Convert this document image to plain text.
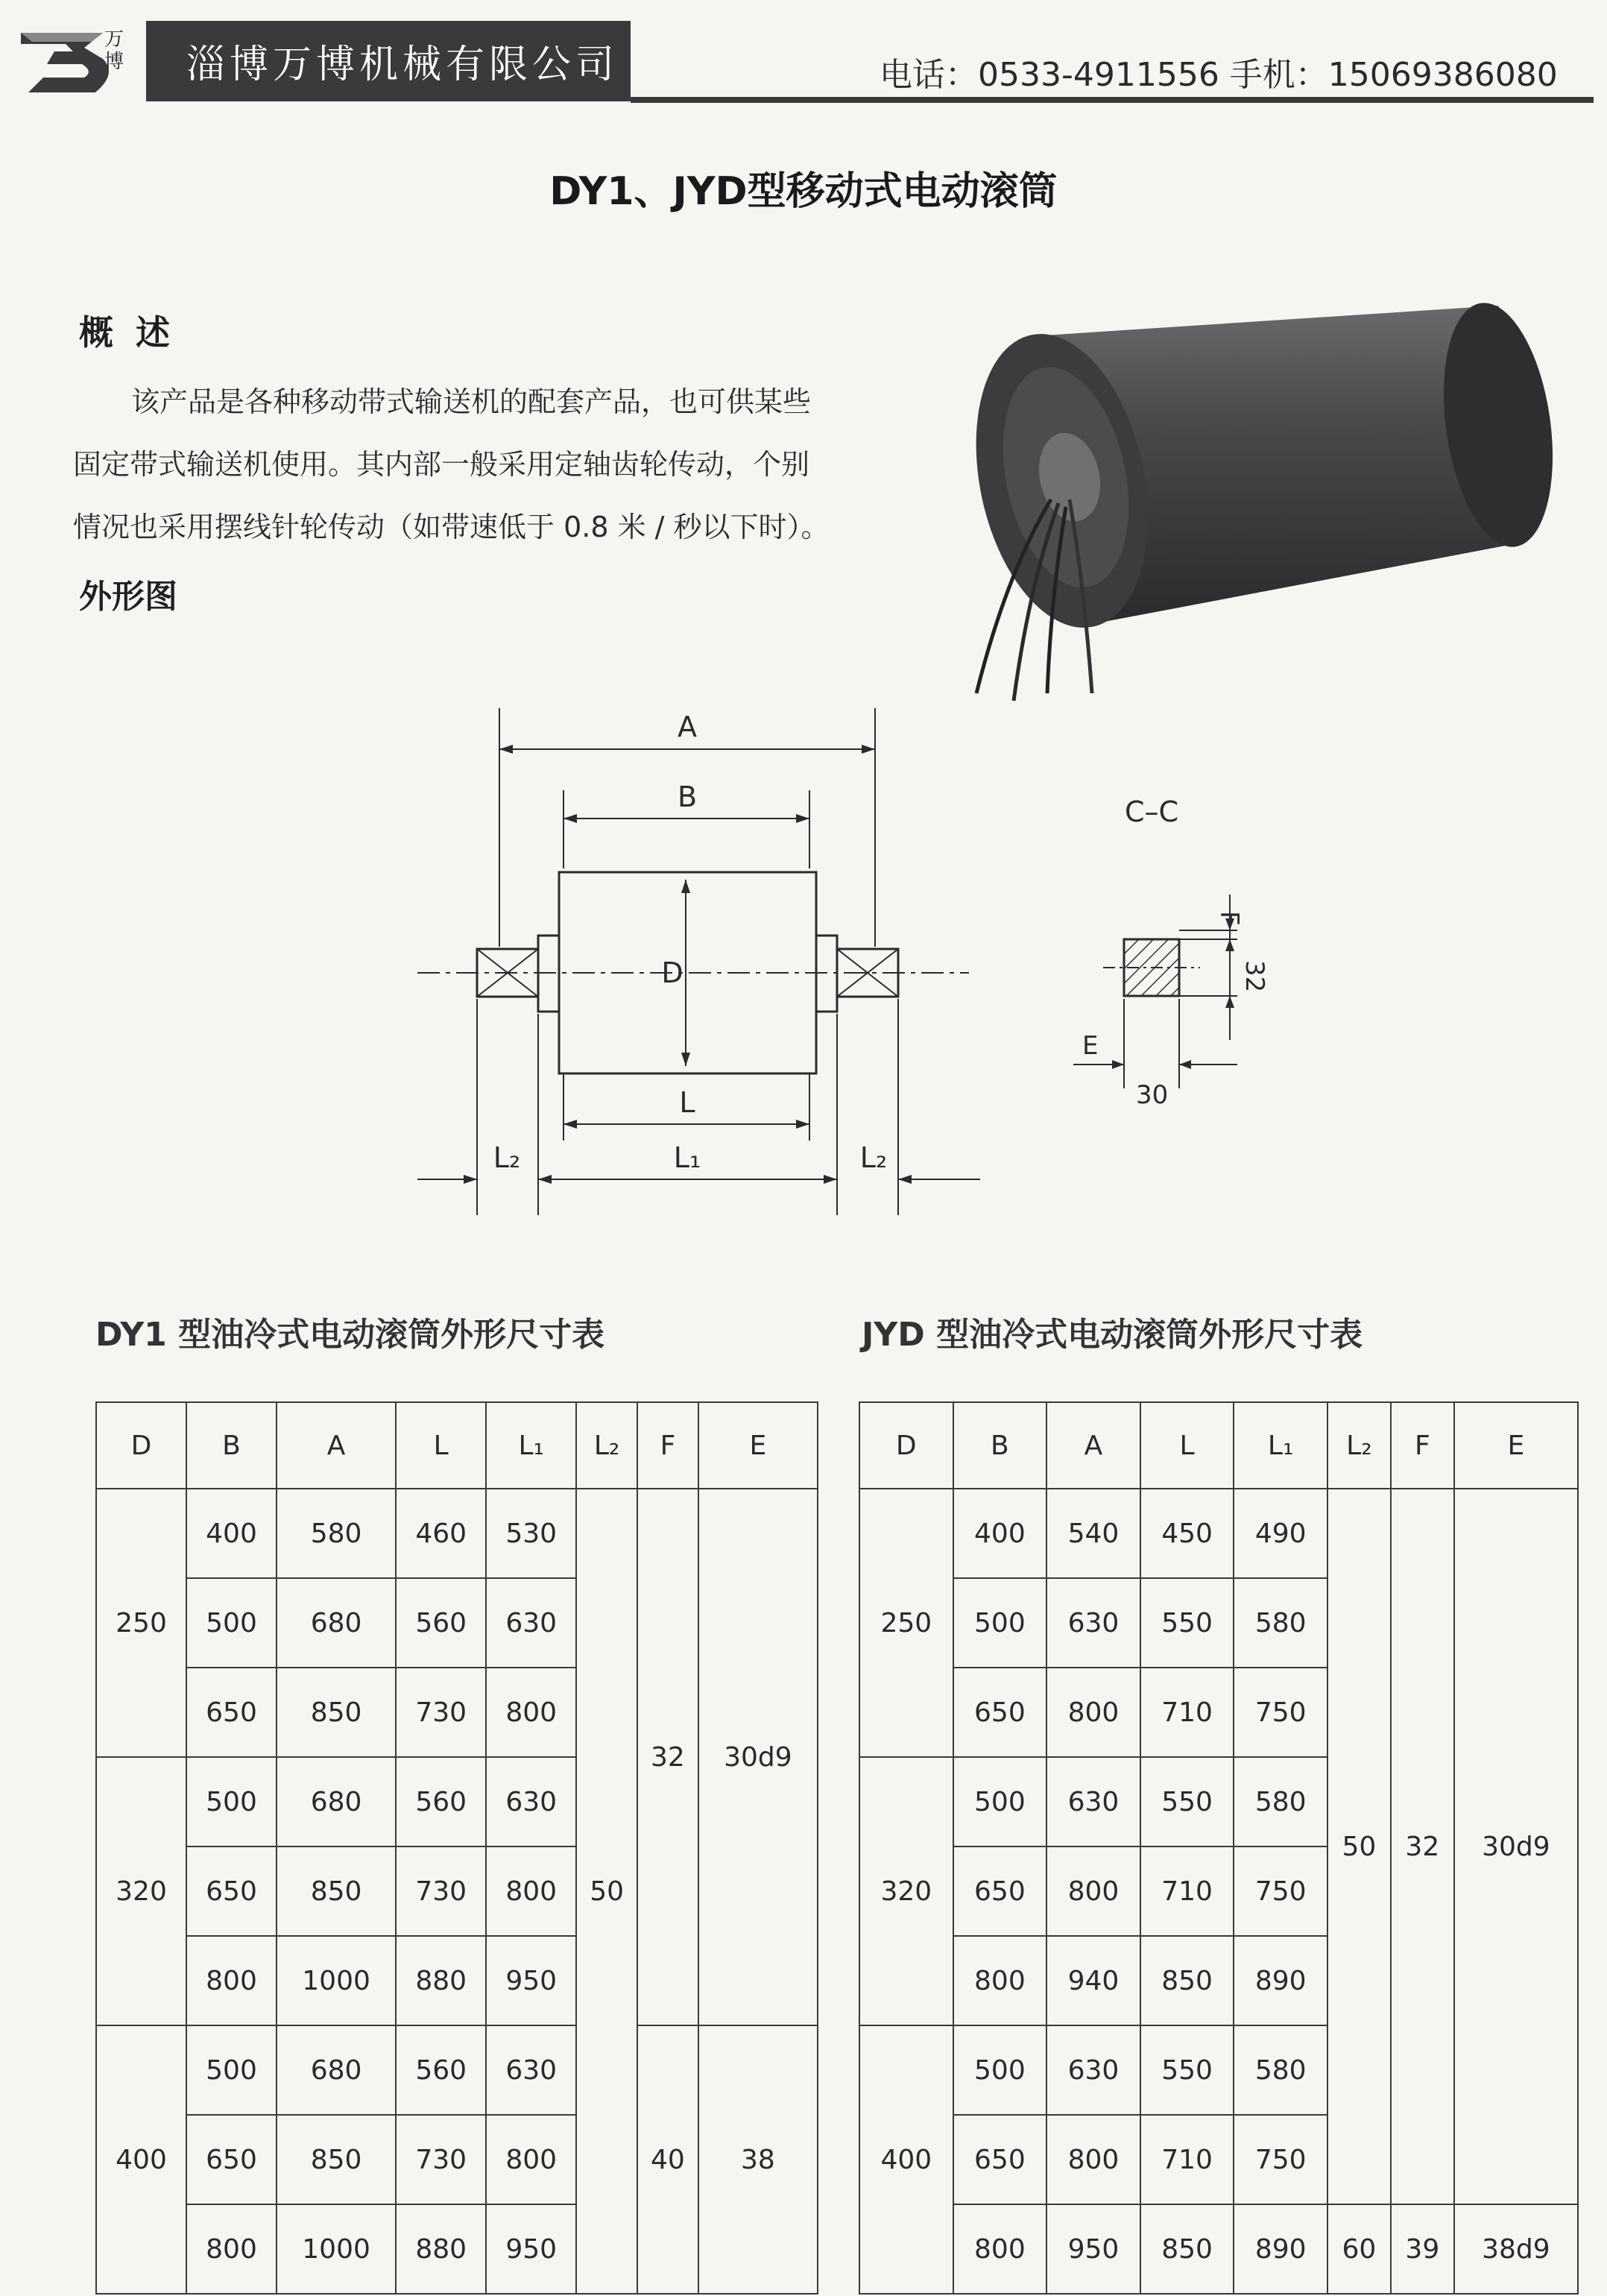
万博 淄博万博机械有限公司	电话：0533-4911556 手机：15069386080
DY1、JYD型移动式电动滚筒
概述
该产品是各种移动带式输送机的配套产品，也可供某些
固定带式输送机使用。其内部一般采用定轴齿轮传动，个别
情况也采用摆线针轮传动（如带速低于 0.8 米 / 秒以下时）。
外形图
A
B
D
L
L₁
L₂	L₂
C–C
F
32
E
30
DY1 型油冷式电动滚筒外形尺寸表	JYD 型油冷式电动滚筒外形尺寸表
D	B	A	L	L₁	L₂	F	E
250	400	580	460	530	50	32	30d9
	500	680	560	630			
	650	850	730	800			
320	500	680	560	630			
	650	850	730	800			
	800	1000	880	950			
400	500	680	560	630		40	38
	650	850	730	800			
	800	1000	880	950			
D	B	A	L	L₁	L₂	F	E
250	400	540	450	490	50	32	30d9
	500	630	550	580			
	650	800	710	750			
320	500	630	550	580			
	650	800	710	750			
	800	940	850	890			
400	500	630	550	580			
	650	800	710	750			
	800	950	850	890	60	39	38d9
